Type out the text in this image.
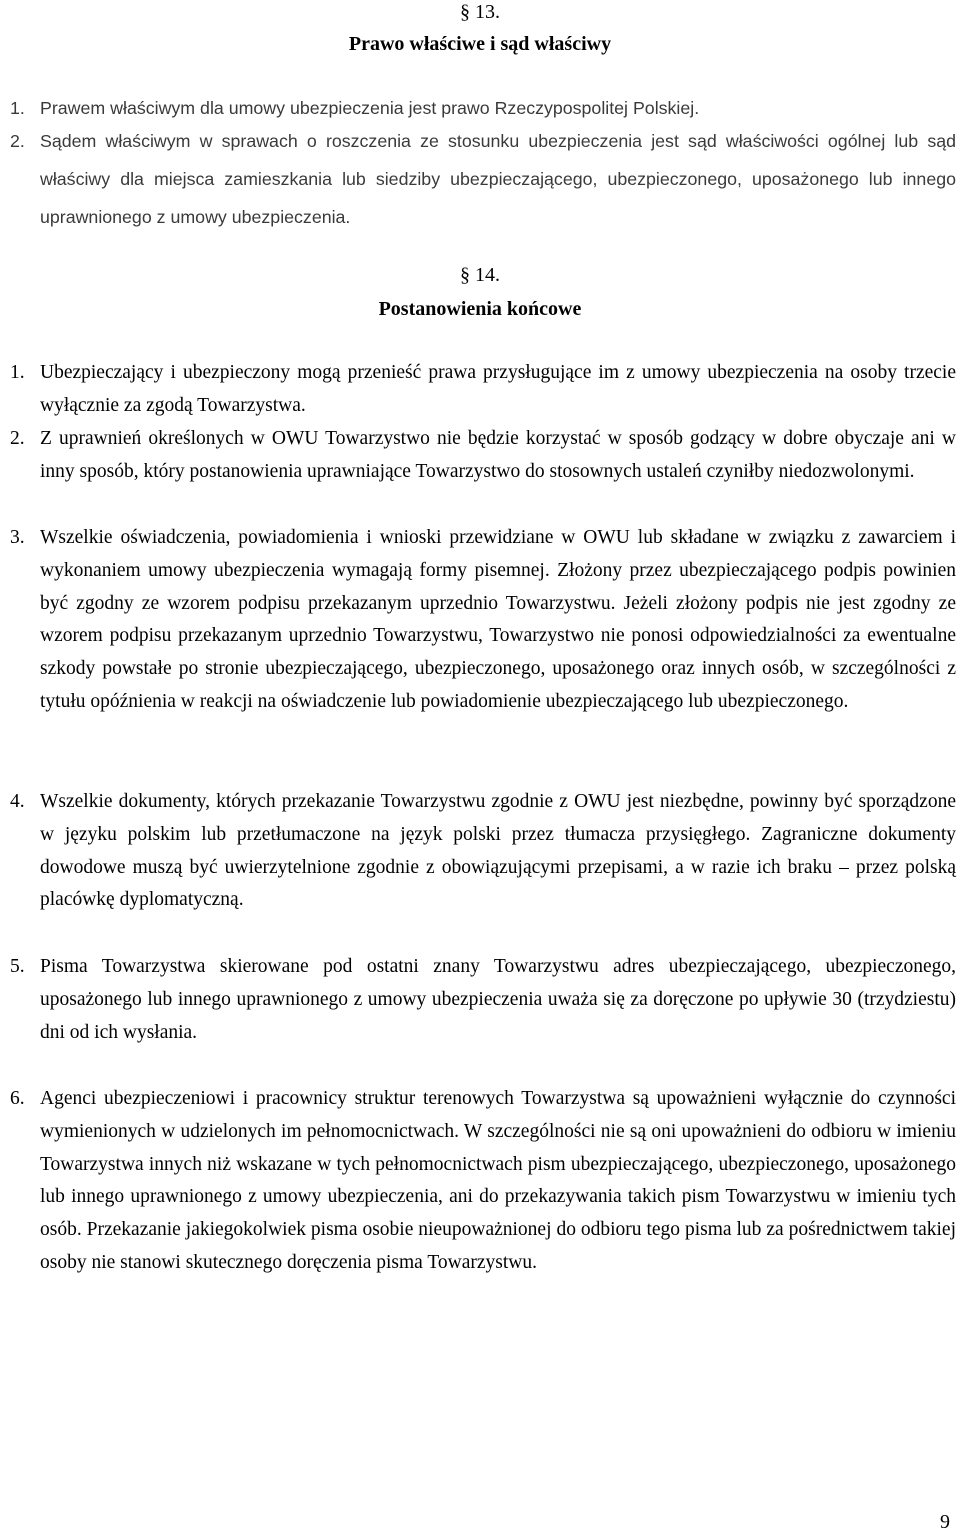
§ 13.
Prawo właściwe i sąd właściwy
1. Prawem właściwym dla umowy ubezpieczenia jest prawo Rzeczypospolitej Polskiej.
2. Sądem właściwym w sprawach o roszczenia ze stosunku ubezpieczenia jest sąd właściwości ogólnej lub sąd właściwy dla miejsca zamieszkania lub siedziby ubezpieczającego, ubezpieczonego, uposażonego lub innego uprawnionego z umowy ubezpieczenia.
§ 14.
Postanowienia końcowe
1. Ubezpieczający i ubezpieczony mogą przenieść prawa przysługujące im z umowy ubezpieczenia na osoby trzecie wyłącznie za zgodą Towarzystwa.
2. Z uprawnień określonych w OWU Towarzystwo nie będzie korzystać w sposób godzący w dobre obyczaje ani w inny sposób, który postanowienia uprawniające Towarzystwo do stosownych ustaleń czyniłby niedozwolonymi.
3. Wszelkie oświadczenia, powiadomienia i wnioski przewidziane w OWU lub składane w związku z zawarciem i wykonaniem umowy ubezpieczenia wymagają formy pisemnej. Złożony przez ubezpieczającego podpis powinien być zgodny ze wzorem podpisu przekazanym uprzednio Towarzystwu. Jeżeli złożony podpis nie jest zgodny ze wzorem podpisu przekazanym uprzednio Towarzystwu, Towarzystwo nie ponosi odpowiedzialności za ewentualne szkody powstałe po stronie ubezpieczającego, ubezpieczonego, uposażonego oraz innych osób, w szczególności z tytułu opóźnienia w reakcji na oświadczenie lub powiadomienie ubezpieczającego lub ubezpieczonego.
4. Wszelkie dokumenty, których przekazanie Towarzystwu zgodnie z OWU jest niezbędne, powinny być sporządzone w języku polskim lub przetłumaczone na język polski przez tłumacza przysięgłego. Zagraniczne dokumenty dowodowe muszą być uwierzytelnione zgodnie z obowiązującymi przepisami, a w razie ich braku – przez polską placówkę dyplomatyczną.
5. Pisma Towarzystwa skierowane pod ostatni znany Towarzystwu adres ubezpieczającego, ubezpieczonego, uposażonego lub innego uprawnionego z umowy ubezpieczenia uważa się za doręczone po upływie 30 (trzydziestu) dni od ich wysłania.
6. Agenci ubezpieczeniowi i pracownicy struktur terenowych Towarzystwa są upoważnieni wyłącznie do czynności wymienionych w udzielonych im pełnomocnictwach. W szczególności nie są oni upoważnieni do odbioru w imieniu Towarzystwa innych niż wskazane w tych pełnomocnictwach pism ubezpieczającego, ubezpieczonego, uposażonego lub innego uprawnionego z umowy ubezpieczenia, ani do przekazywania takich pism Towarzystwu w imieniu tych osób. Przekazanie jakiegokolwiek pisma osobie nieupoważnionej do odbioru tego pisma lub za pośrednictwem takiej osoby nie stanowi skutecznego doręczenia pisma Towarzystwu.
9
